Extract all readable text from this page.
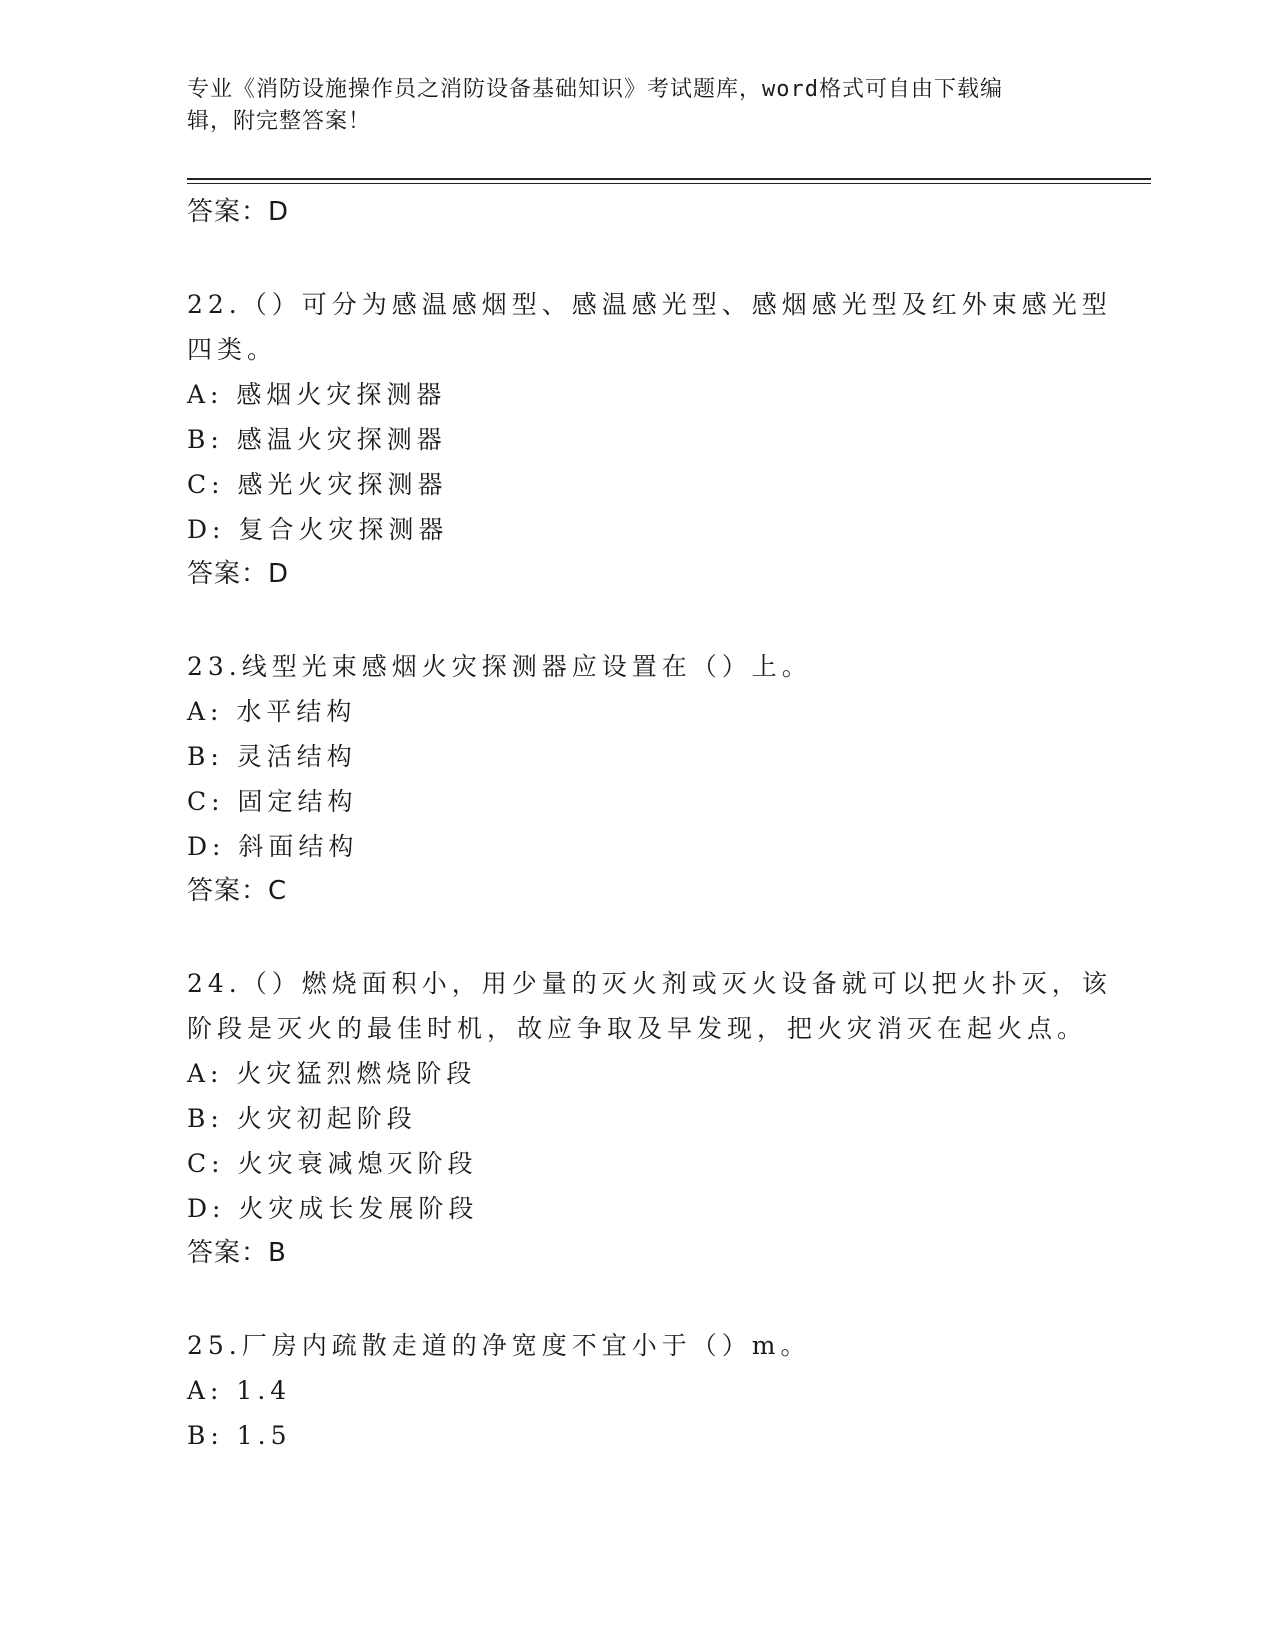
专业《消防设施操作员之消防设备基础知识》考试题库，word格式可自由下载编
辑，附完整答案！
答案：D
22.（）可分为感温感烟型、感温感光型、感烟感光型及红外束感光型
四类。
A: 感烟火灾探测器
B: 感温火灾探测器
C: 感光火灾探测器
D: 复合火灾探测器
答案：D
23.线型光束感烟火灾探测器应设置在（）上。
A: 水平结构
B: 灵活结构
C: 固定结构
D: 斜面结构
答案：C
24.（）燃烧面积小，用少量的灭火剂或灭火设备就可以把火扑灭，该
阶段是灭火的最佳时机，故应争取及早发现，把火灾消灭在起火点。
A: 火灾猛烈燃烧阶段
B: 火灾初起阶段
C: 火灾衰减熄灭阶段
D: 火灾成长发展阶段
答案：B
25.厂房内疏散走道的净宽度不宜小于（）m。
A: 1.4
B: 1.5
